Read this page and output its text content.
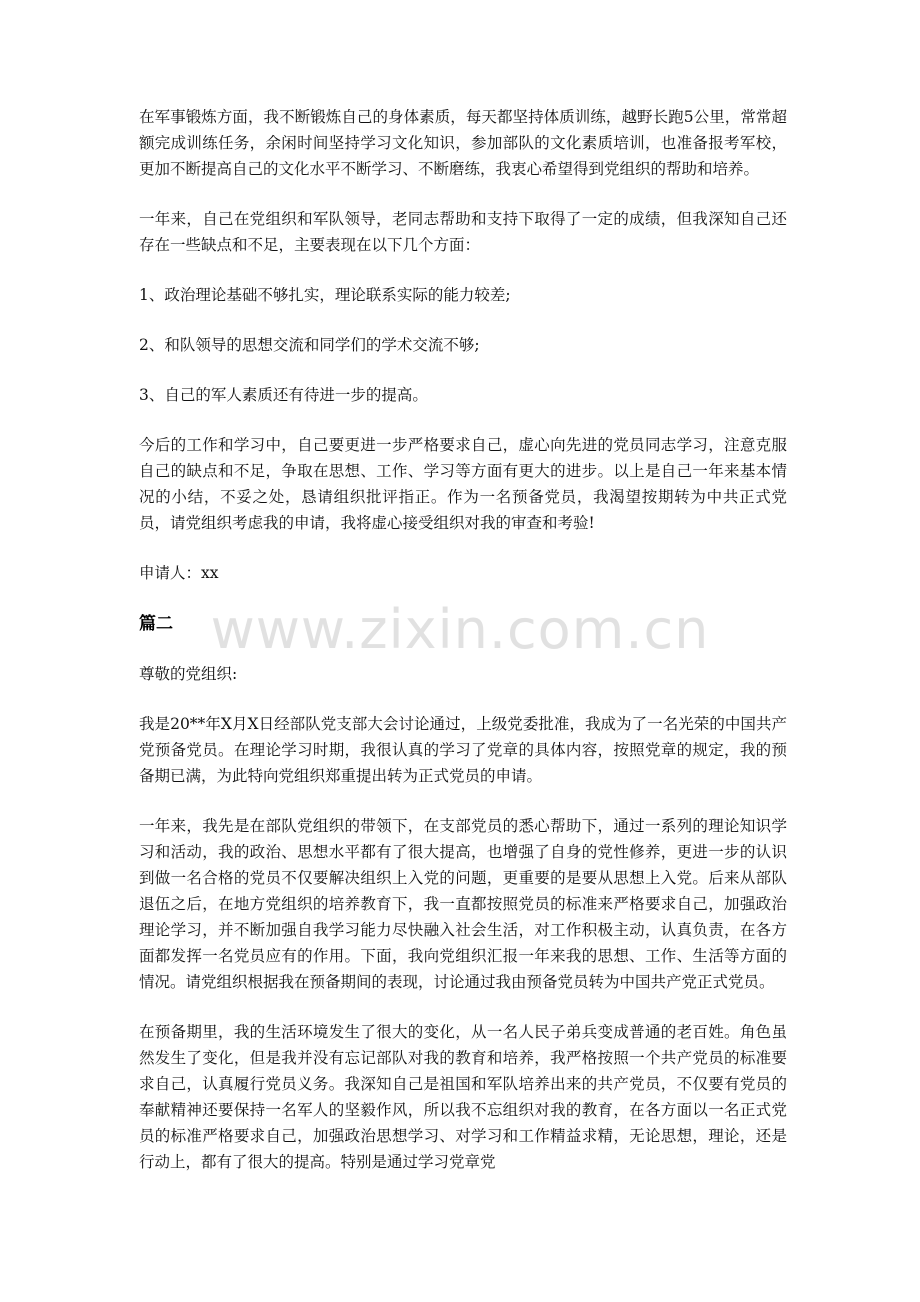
在军事锻炼方面，我不断锻炼自己的身体素质，每天都坚持体质训练，越野长跑5公里，常常超额完成训练任务，余闲时间坚持学习文化知识，参加部队的文化素质培训，也准备报考军校，更加不断提高自己的文化水平不断学习、不断磨练，我衷心希望得到党组织的帮助和培养。

一年来，自己在党组织和军队领导，老同志帮助和支持下取得了一定的成绩，但我深知自己还存在一些缺点和不足，主要表现在以下几个方面：

1、政治理论基础不够扎实，理论联系实际的能力较差;

2、和队领导的思想交流和同学们的学术交流不够;

3、自己的军人素质还有待进一步的提高。

今后的工作和学习中，自己要更进一步严格要求自己，虚心向先进的党员同志学习，注意克服自己的缺点和不足，争取在思想、工作、学习等方面有更大的进步。以上是自己一年来基本情况的小结，不妥之处，恳请组织批评指正。作为一名预备党员，我渴望按期转为中共正式党员，请党组织考虑我的申请，我将虚心接受组织对我的审查和考验!

申请人：xx

篇二

尊敬的党组织:

我是20**年X月X日经部队党支部大会讨论通过，上级党委批准，我成为了一名光荣的中国共产党预备党员。在理论学习时期，我很认真的学习了党章的具体内容，按照党章的规定，我的预备期已满，为此特向党组织郑重提出转为正式党员的申请。

一年来，我先是在部队党组织的带领下，在支部党员的悉心帮助下，通过一系列的理论知识学习和活动，我的政治、思想水平都有了很大提高，也增强了自身的党性修养，更进一步的认识到做一名合格的党员不仅要解决组织上入党的问题，更重要的是要从思想上入党。后来从部队退伍之后，在地方党组织的培养教育下，我一直都按照党员的标准来严格要求自己，加强政治理论学习，并不断加强自我学习能力尽快融入社会生活，对工作积极主动，认真负责，在各方面都发挥一名党员应有的作用。下面，我向党组织汇报一年来我的思想、工作、生活等方面的情况。请党组织根据我在预备期间的表现，讨论通过我由预备党员转为中国共产党正式党员。

在预备期里，我的生活环境发生了很大的变化，从一名人民子弟兵变成普通的老百姓。角色虽然发生了变化，但是我并没有忘记部队对我的教育和培养，我严格按照一个共产党员的标准要求自己，认真履行党员义务。我深知自己是祖国和军队培养出来的共产党员，不仅要有党员的奉献精神还要保持一名军人的坚毅作风，所以我不忘组织对我的教育，在各方面以一名正式党员的标准严格要求自己，加强政治思想学习、对学习和工作精益求精，无论思想，理论，还是行动上，都有了很大的提高。特别是通过学习党章党

www.zixin.com.cn
